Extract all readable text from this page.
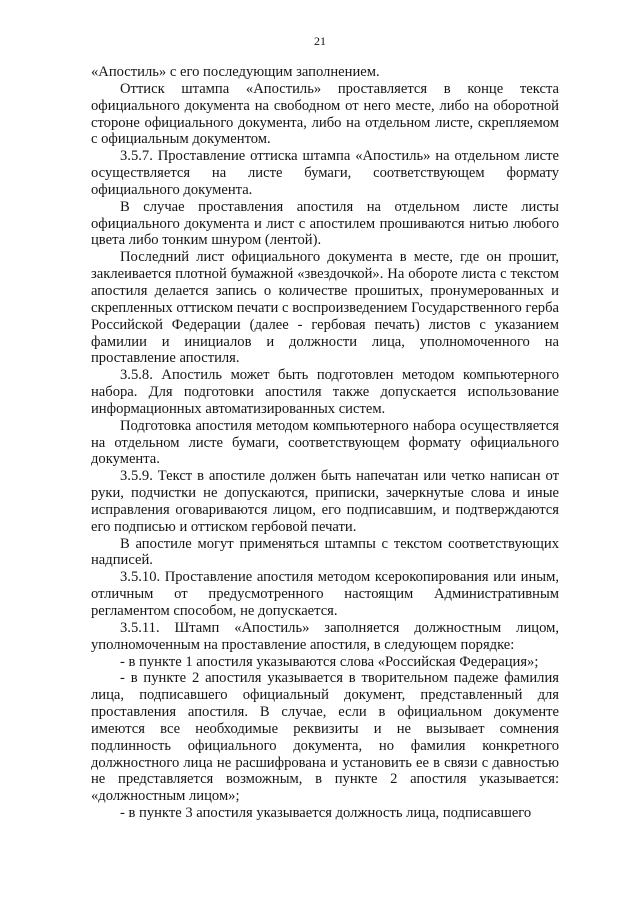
21

«Апостиль» с его последующим заполнением.

Оттиск штампа «Апостиль» проставляется в конце текста официального документа на свободном от него месте, либо на оборотной стороне официального документа, либо на отдельном листе, скрепляемом с официальным документом.

3.5.7. Проставление оттиска штампа «Апостиль» на отдельном листе осуществляется на листе бумаги, соответствующем формату официального документа.

В случае проставления апостиля на отдельном листе листы официального документа и лист с апостилем прошиваются нитью любого цвета либо тонким шнуром (лентой).

Последний лист официального документа в месте, где он прошит, заклеивается плотной бумажной «звездочкой». На обороте листа с текстом апостиля делается запись о количестве прошитых, пронумерованных и скрепленных оттиском печати с воспроизведением Государственного герба Российской Федерации (далее - гербовая печать) листов с указанием фамилии и инициалов и должности лица, уполномоченного на проставление апостиля.

3.5.8. Апостиль может быть подготовлен методом компьютерного набора. Для подготовки апостиля также допускается использование информационных автоматизированных систем.

Подготовка апостиля методом компьютерного набора осуществляется на отдельном листе бумаги, соответствующем формату официального документа.

3.5.9. Текст в апостиле должен быть напечатан или четко написан от руки, подчистки не допускаются, приписки, зачеркнутые слова и иные исправления оговариваются лицом, его подписавшим, и подтверждаются его подписью и оттиском гербовой печати.

В апостиле могут применяться штампы с текстом соответствующих надписей.

3.5.10. Проставление апостиля методом ксерокопирования или иным, отличным от предусмотренного настоящим Административным регламентом способом, не допускается.

3.5.11. Штамп «Апостиль» заполняется должностным лицом, уполномоченным на проставление апостиля, в следующем порядке:

- в пункте 1 апостиля указываются слова «Российская Федерация»;

- в пункте 2 апостиля указывается в творительном падеже фамилия лица, подписавшего официальный документ, представленный для проставления апостиля. В случае, если в официальном документе имеются все необходимые реквизиты и не вызывает сомнения подлинность официального документа, но фамилия конкретного должностного лица не расшифрована и установить ее в связи с давностью не представляется возможным, в пункте 2 апостиля указывается: «должностным лицом»;

- в пункте 3 апостиля указывается должность лица, подписавшего
